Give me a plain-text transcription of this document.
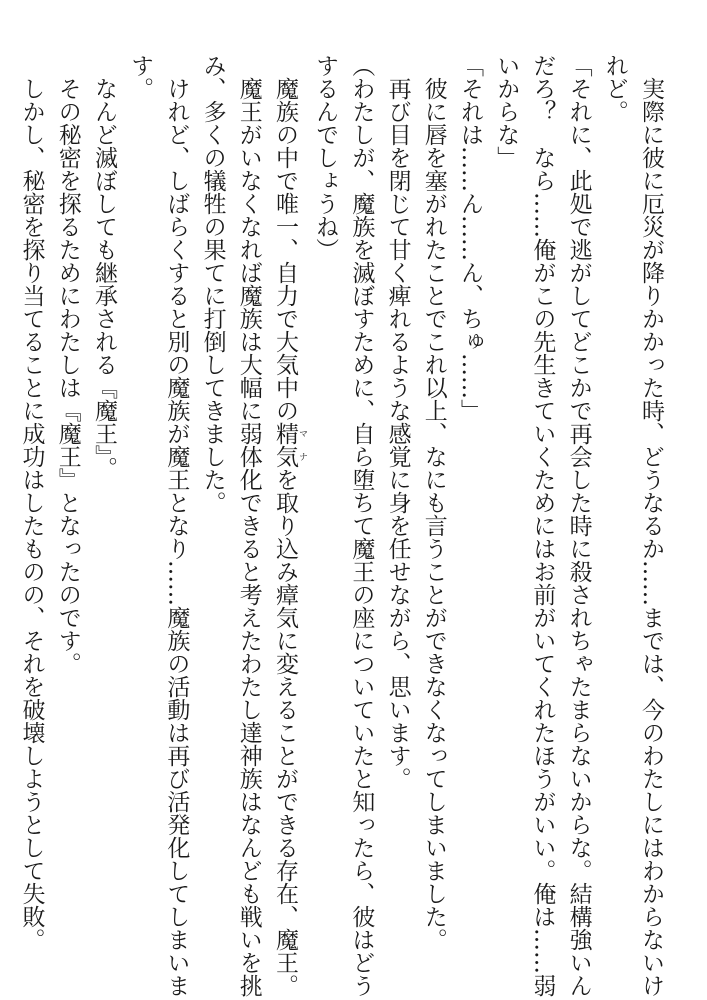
　実際に彼に厄災が降りかかった時、どうなるか……までは、今のわたしにはわからないけ
れど。
「それに、此処で逃がしてどこかで再会した時に殺されちゃたまらないからな。結構強いん
だろ？　なら……俺がこの先生きていくためにはお前がいてくれたほうがいい。俺は……弱
いからな」
「それは……ん……ん、ちゅ……」
　彼に唇を塞がれたことでこれ以上、なにも言うことができなくなってしまいました。
　再び目を閉じて甘く痺れるような感覚に身を任せながら、思います。
（わたしが、魔族を滅ぼすために、自ら堕ちて魔王の座についていたと知ったら、彼はどう
するんでしょうね）
　魔族の中で唯一、自力で大気中の精気 マナを取り込み瘴気に変えることができる存在、魔王。
　魔王がいなくなれば魔族は大幅に弱体化できると考えたわたし達神族はなんども戦いを挑
み、多くの犠牲の果てに打倒してきました。
　けれど、しばらくすると別の魔族が魔王となり……魔族の活動は再び活発化してしまいま
す。
　なんど滅ぼしても継承される『魔王』。
　その秘密を探るためにわたしは『魔王』となったのです。
　しかし、秘密を探り当てることに成功はしたものの、それを破壊しようとして失敗。
